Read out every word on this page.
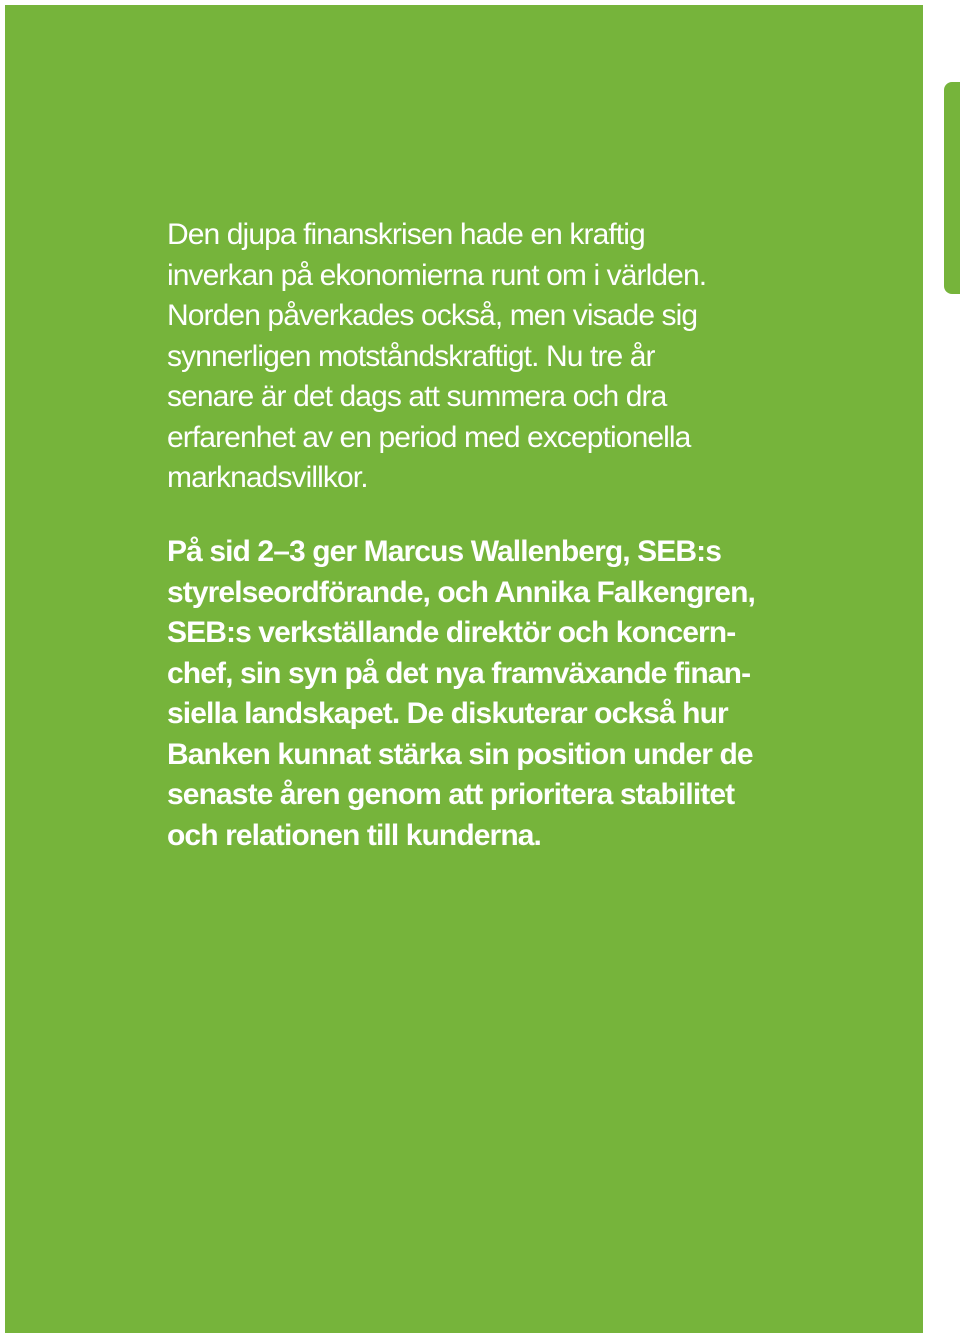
Den djupa finanskrisen hade en kraftig
inverkan på ekonomierna runt om i världen.
Norden påverkades också, men visade sig
synnerligen motståndskraftigt. Nu tre år
senare är det dags att summera och dra
erfarenhet av en period med exceptionella
marknadsvillkor.
På sid 2–3 ger Marcus Wallenberg, SEB:s
styrelseordförande, och Annika Falkengren,
SEB:s verkställande direktör och koncern-
chef, sin syn på det nya framväxande finan-
siella landskapet. De diskuterar också hur
Banken kunnat stärka sin position under de
senaste åren genom att prioritera stabilitet
och relationen till kunderna.
